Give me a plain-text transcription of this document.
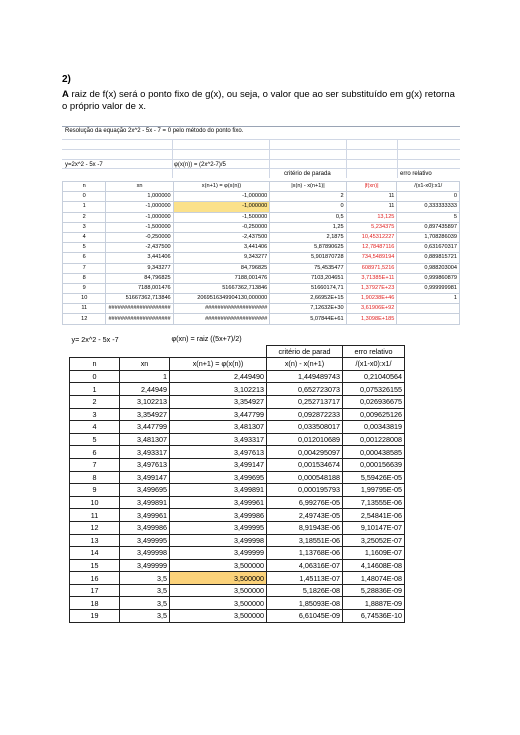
2)
A raiz de f(x) será o ponto fixo de g(x), ou seja, o valor que ao ser substituído em g(x) retorna o próprio valor de x.
Resolução da equação 2x^2 - 5x - 7 = 0 pelo método do ponto fixo.
y=2x^2 - 5x -7	φ(x(n)) = (2x^2-7)/5
critério de parada	erro relativo
n	xn	x(n+1) = φ(x(n))	|x(n) - x(n+1)|	|f(xn)|	/(x1-x0):x1/
0	1,000000	-1,000000	2	11	0
1	-1,000000	-1,000000	0	11	0,333333333
2	-1,000000	-1,500000	0,5	13,125	5
3	-1,500000	-0,250000	1,25	5,234375	0,897435897
4	-0,250000	-2,437500	2,1875	10,45312227	1,708286039
5	-2,437500	3,441406	5,87890625	12,78487116	0,631670317
6	3,441406	9,343277	5,901870728	734,5489194	0,889815721
7	9,343277	84,796825	75,4535477	608971,5216	0,988203004
8	84,796825	7188,001476	7103,204651	3,71385E+11	0,999860879
9	7188,001476	51667362,713846	51660174,71	1,37927E+23	0,999999981
10	51667362,713846	2069516349904130,000000	2,66952E+15	1,90238E+46	1
11	####################	####################	7,12632E+30	3,61906E+92	
12	####################	####################	5,07844E+61	1,3098E+185	
y= 2x^2 - 5x -7		φ(xn) = raiz ((5x+7)/2)		
			critério de parad	erro relativo
n	xn	x(n+1) = φ(x(n))	x(n) - x(n+1)	/(x1-x0):x1/
0	1	2,449490	1,449489743	0,21040564
1	2,44949	3,102213	0,652723073	0,075326155
2	3,102213	3,354927	0,252713717	0,026936675
3	3,354927	3,447799	0,092872233	0,009625126
4	3,447799	3,481307	0,033508017	0,00343819
5	3,481307	3,493317	0,012010689	0,001228008
6	3,493317	3,497613	0,004295097	0,000438585
7	3,497613	3,499147	0,001534674	0,000156639
8	3,499147	3,499695	0,000548188	5,59426E-05
9	3,499695	3,499891	0,000195793	1,99795E-05
10	3,499891	3,499961	6,99276E-05	7,13555E-06
11	3,499961	3,499986	2,49743E-05	2,54841E-06
12	3,499986	3,499995	8,91943E-06	9,10147E-07
13	3,499995	3,499998	3,18551E-06	3,25052E-07
14	3,499998	3,499999	1,13768E-06	1,1609E-07
15	3,499999	3,500000	4,06316E-07	4,14608E-08
16	3,5	3,500000	1,45113E-07	1,48074E-08
17	3,5	3,500000	5,1826E-08	5,28836E-09
18	3,5	3,500000	1,85093E-08	1,8887E-09
19	3,5	3,500000	6,61045E-09	6,74536E-10
